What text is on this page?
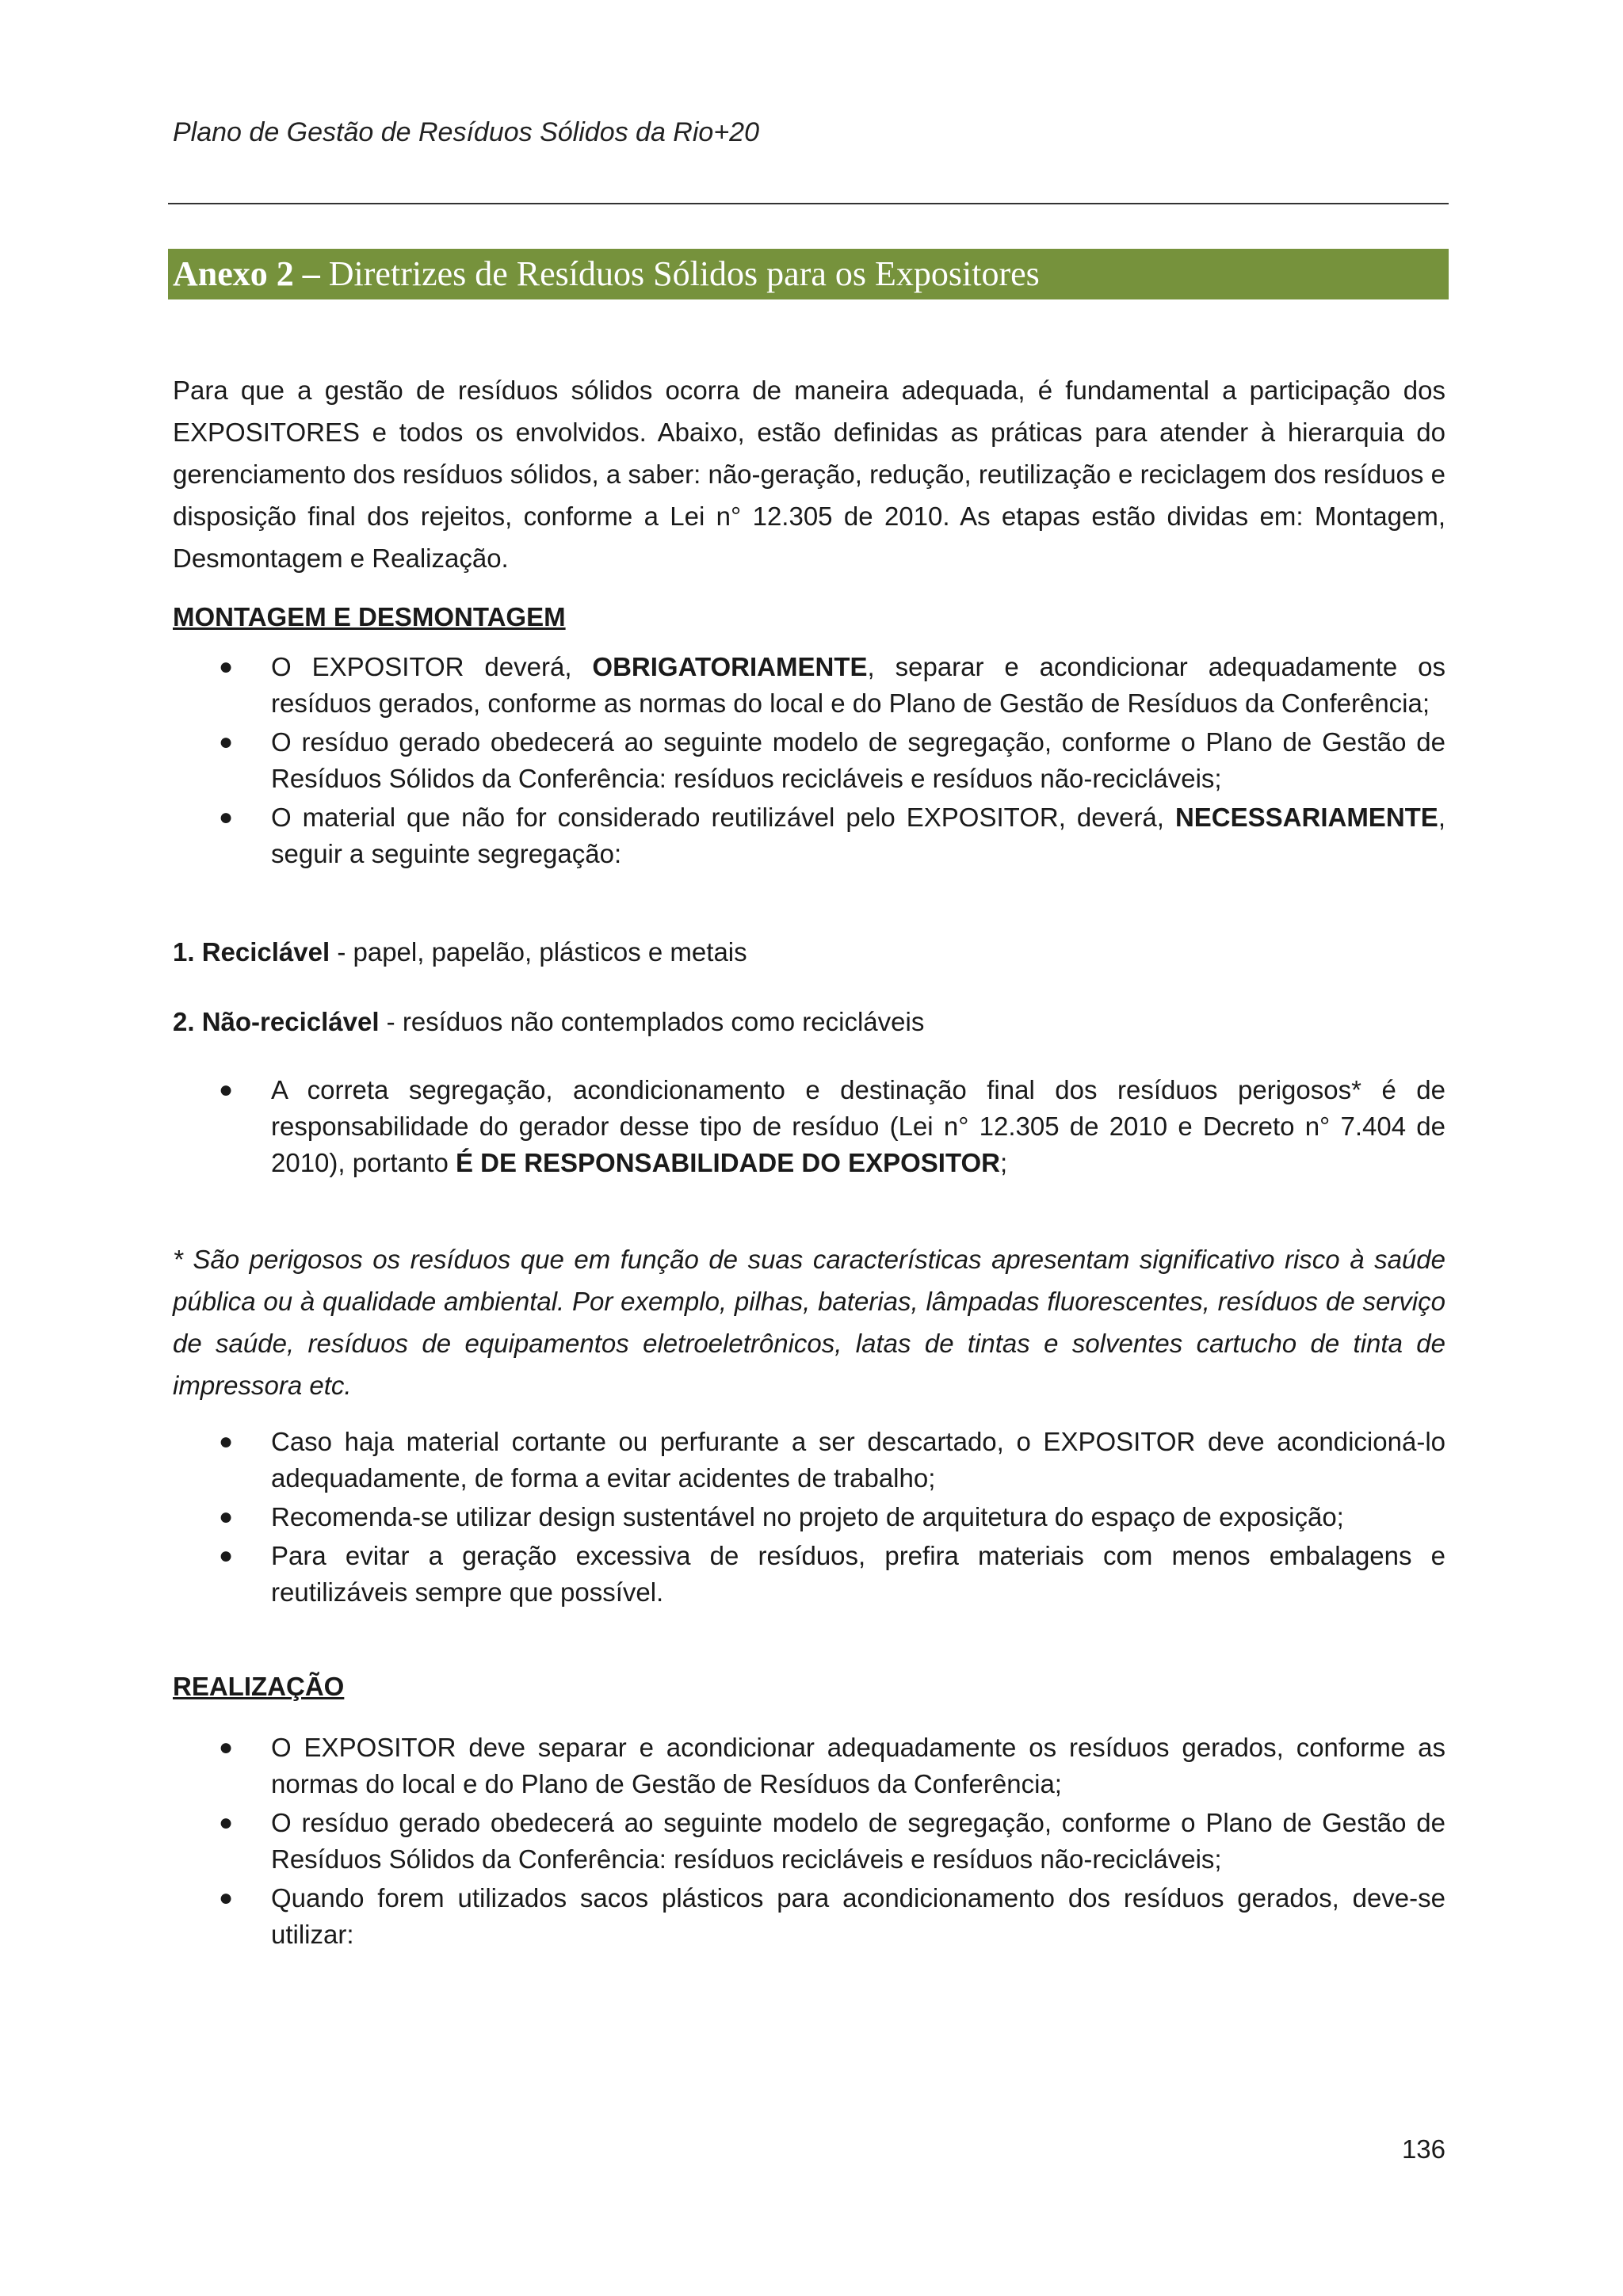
Plano de Gestão de Resíduos Sólidos da Rio+20
Anexo 2 – Diretrizes de Resíduos Sólidos para os Expositores

Para que a gestão de resíduos sólidos ocorra de maneira adequada, é fundamental a participação dos EXPOSITORES e todos os envolvidos. Abaixo, estão definidas as práticas para atender à hierarquia do gerenciamento dos resíduos sólidos, a saber: não-geração, redução, reutilização e reciclagem dos resíduos e disposição final dos rejeitos, conforme a Lei n° 12.305 de 2010. As etapas estão dividas em: Montagem, Desmontagem e Realização.

MONTAGEM E DESMONTAGEM

● O EXPOSITOR deverá, OBRIGATORIAMENTE, separar e acondicionar adequadamente os resíduos gerados, conforme as normas do local e do Plano de Gestão de Resíduos da Conferência;
● O resíduo gerado obedecerá ao seguinte modelo de segregação, conforme o Plano de Gestão de Resíduos Sólidos da Conferência: resíduos recicláveis e resíduos não-recicláveis;
● O material que não for considerado reutilizável pelo EXPOSITOR, deverá, NECESSARIAMENTE, seguir a seguinte segregação:

1. Reciclável - papel, papelão, plásticos e metais

2. Não-reciclável - resíduos não contemplados como recicláveis

● A correta segregação, acondicionamento e destinação final dos resíduos perigosos* é de responsabilidade do gerador desse tipo de resíduo (Lei n° 12.305 de 2010 e Decreto n° 7.404 de 2010), portanto É DE RESPONSABILIDADE DO EXPOSITOR;

* São perigosos os resíduos que em função de suas características apresentam significativo risco à saúde pública ou à qualidade ambiental. Por exemplo, pilhas, baterias, lâmpadas fluorescentes, resíduos de serviço de saúde, resíduos de equipamentos eletroeletrônicos, latas de tintas e solventes cartucho de tinta de impressora etc.

● Caso haja material cortante ou perfurante a ser descartado, o EXPOSITOR deve acondicioná-lo adequadamente, de forma a evitar acidentes de trabalho;
● Recomenda-se utilizar design sustentável no projeto de arquitetura do espaço de exposição;
● Para evitar a geração excessiva de resíduos, prefira materiais com menos embalagens e reutilizáveis sempre que possível.

REALIZAÇÃO

● O EXPOSITOR deve separar e acondicionar adequadamente os resíduos gerados, conforme as normas do local e do Plano de Gestão de Resíduos da Conferência;
● O resíduo gerado obedecerá ao seguinte modelo de segregação, conforme o Plano de Gestão de Resíduos Sólidos da Conferência: resíduos recicláveis e resíduos não-recicláveis;
● Quando forem utilizados sacos plásticos para acondicionamento dos resíduos gerados, deve-se utilizar:
136
